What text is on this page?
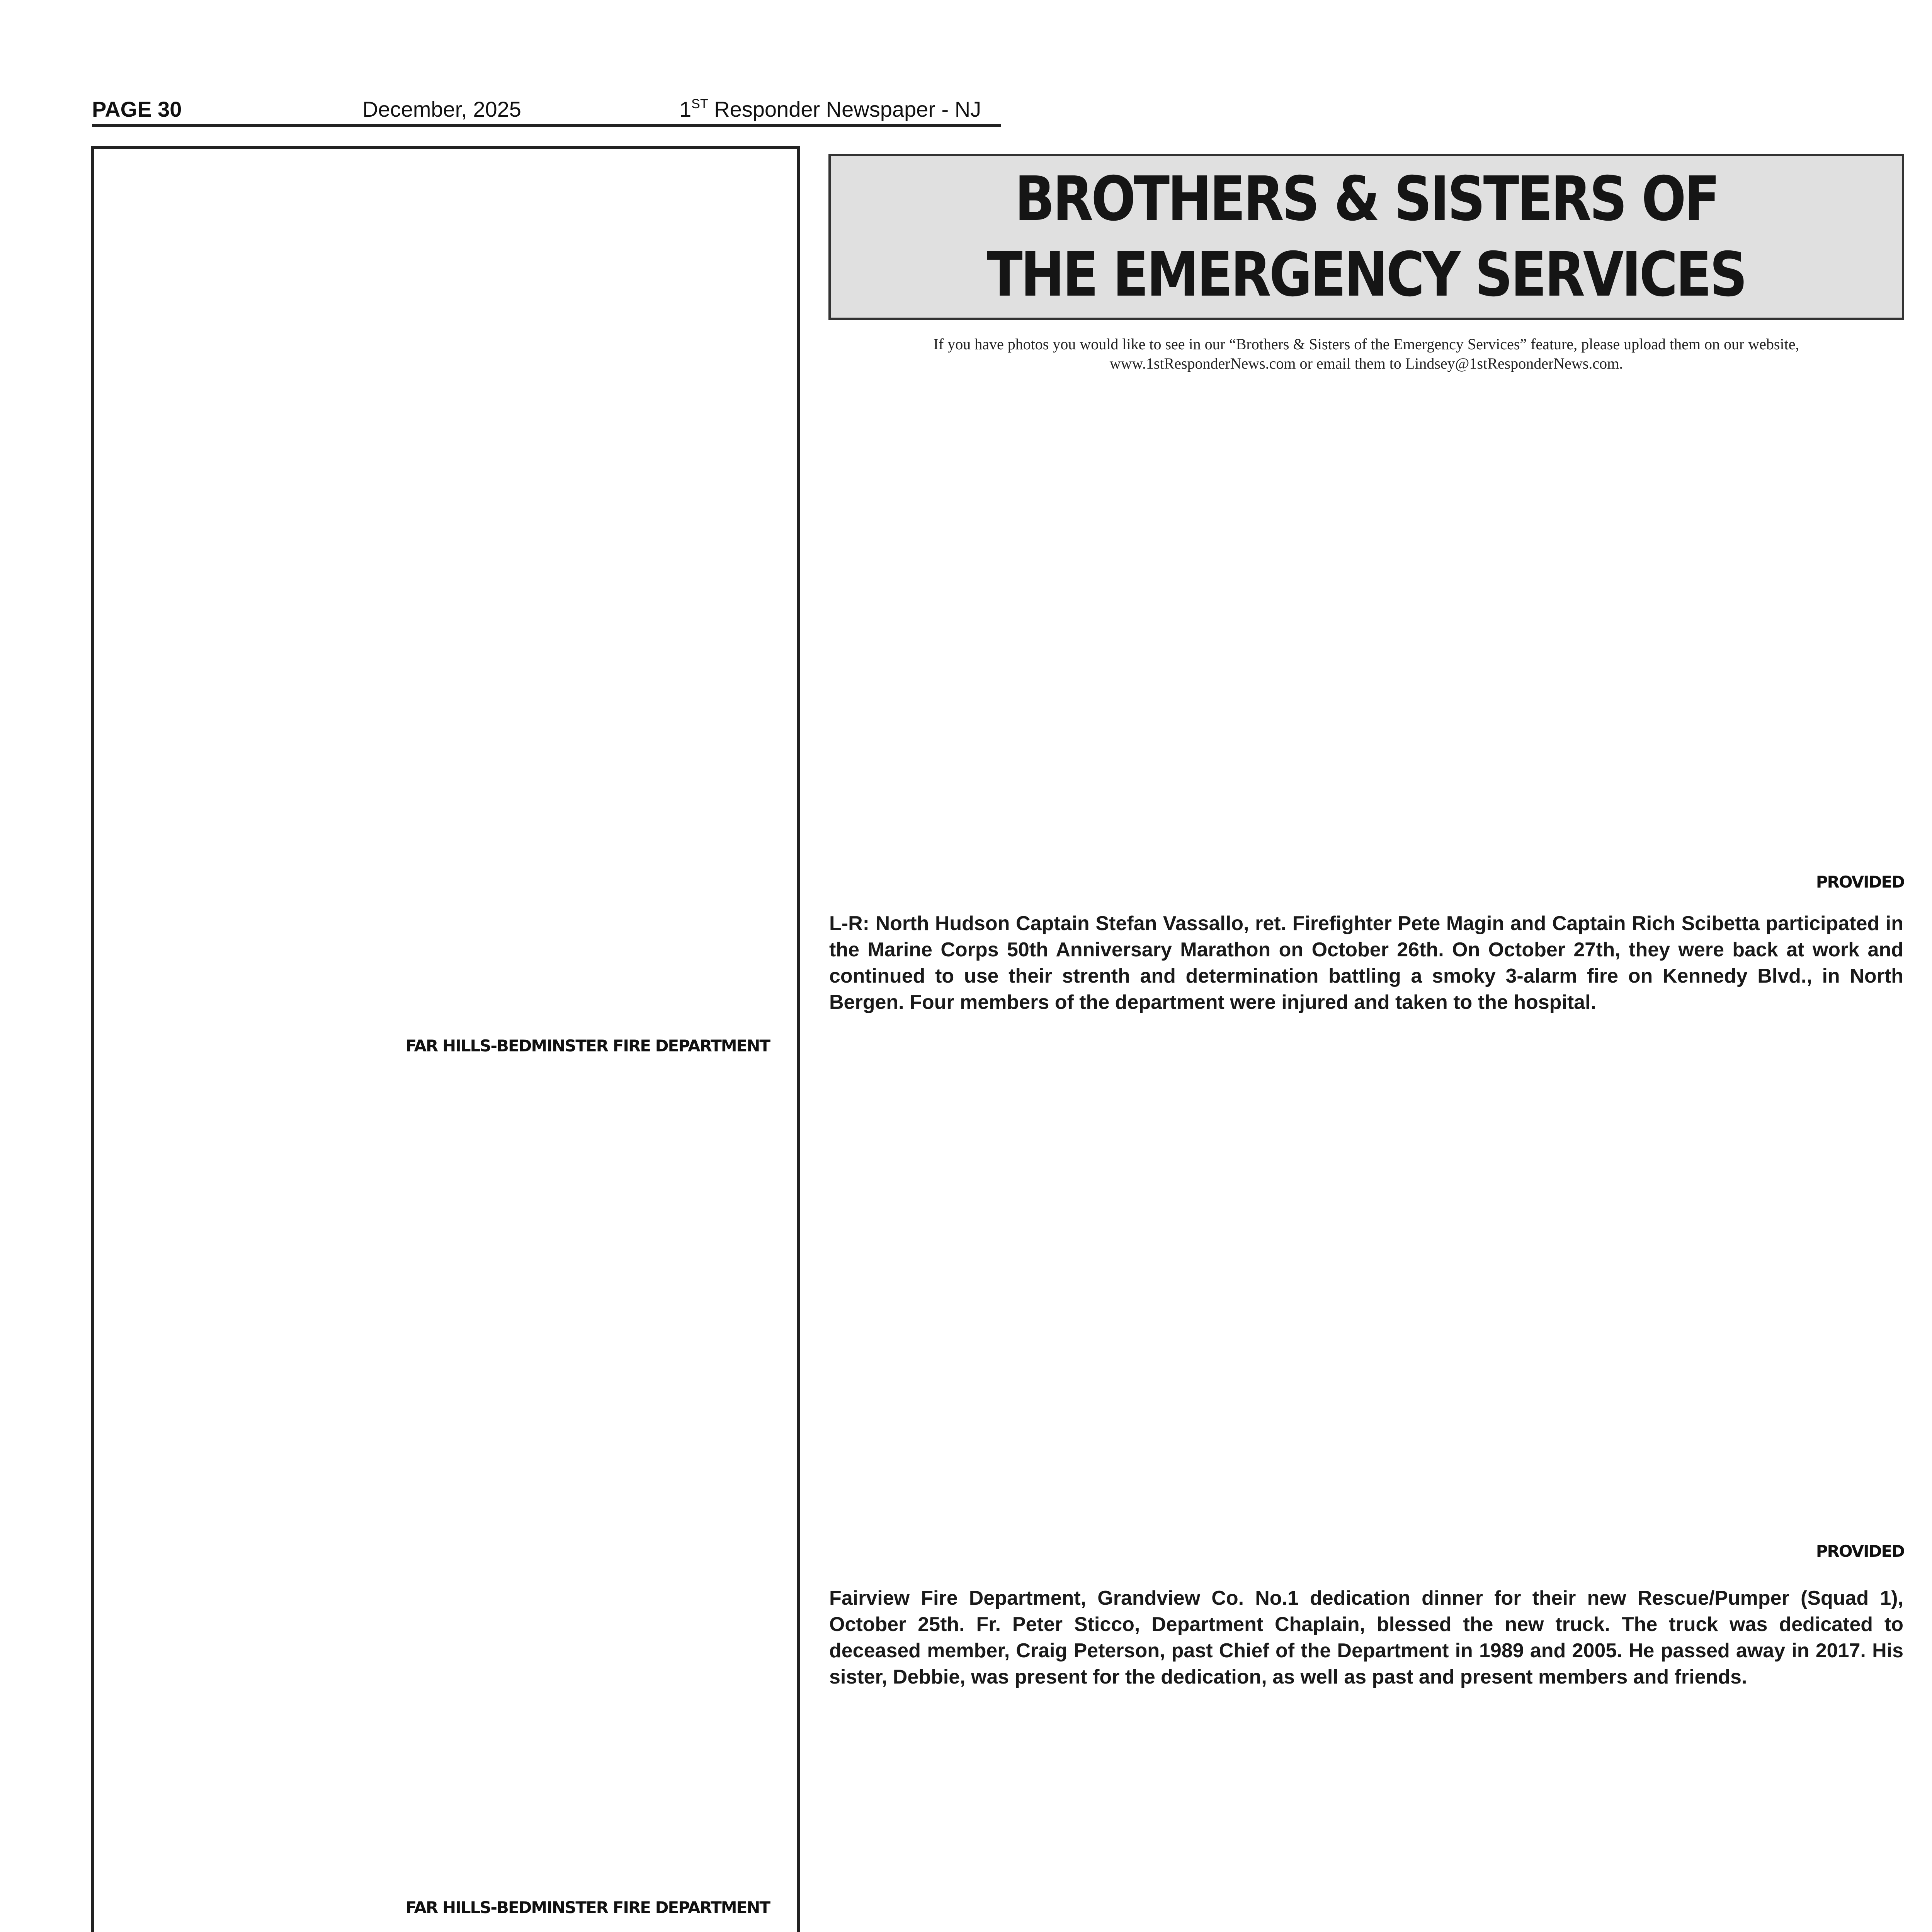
PAGE 30	December, 2025	1ST Responder Newspaper - NJ
FAR HILLS-BEDMINSTER FIRE DEPARTMENT
FAR HILLS-BEDMINSTER FIRE DEPARTMENT

BROTHERS & SISTERS OF
THE EMERGENCY SERVICES
If you have photos you would like to see in our “Brothers & Sisters of the Emergency Services” feature, please upload them on our website,
www.1stResponderNews.com or email them to Lindsey@1stResponderNews.com.
PROVIDED

L-R: North Hudson Captain Stefan Vassallo, ret. Firefighter Pete Magin and Captain Rich Scibetta participated in the Marine Corps 50th Anniversary Marathon on October 26th. On October 27th, they were back at work and continued to use their strenth and determination battling a smoky 3-alarm fire on Kennedy Blvd., in North Bergen. Four members of the department were injured and taken to the hospital.

PROVIDED

Fairview Fire Department, Grandview Co. No.1 dedication dinner for their new Rescue/Pumper (Squad 1), October 25th. Fr. Peter Sticco, Department Chaplain, blessed the new truck. The truck was dedicated to deceased member, Craig Peterson, past Chief of the Department in 1989 and 2005. He passed away in 2017. His sister, Debbie, was present for the dedication, as well as past and present members and friends.
